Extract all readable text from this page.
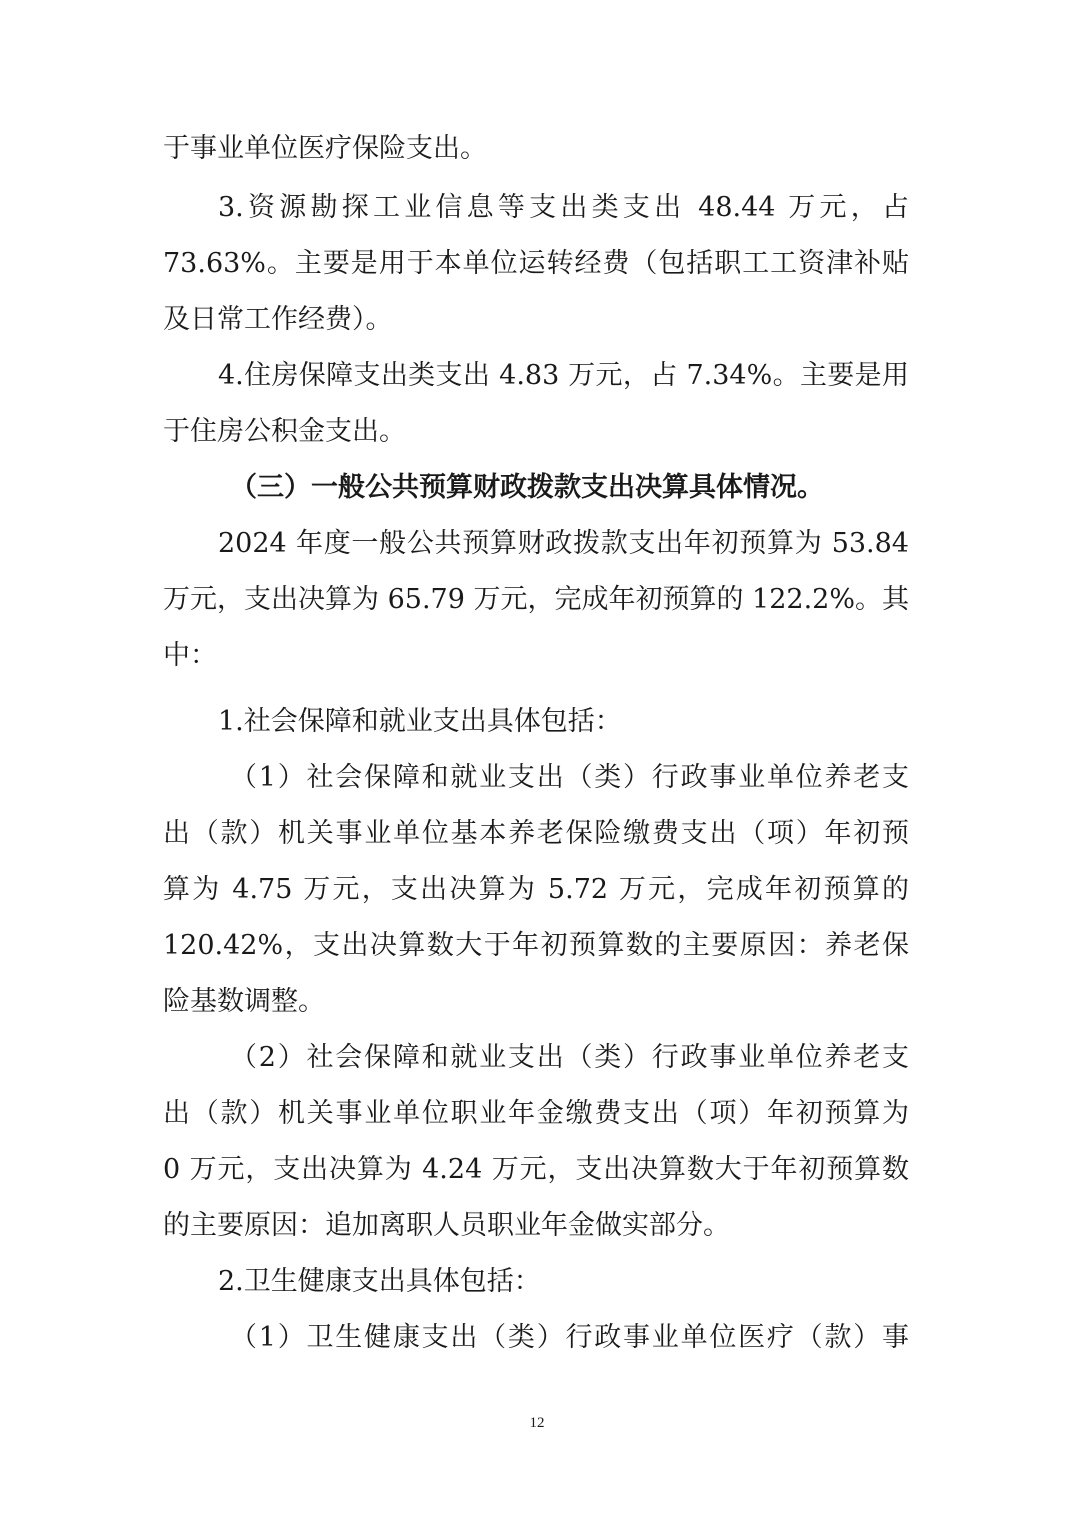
于事业单位医疗保险支出。
3.资源勘探工业信息等支出类支出 48.44 万元，占
73.63%。主要是用于本单位运转经费（包括职工工资津补贴
及日常工作经费）。
4.住房保障支出类支出 4.83 万元，占 7.34%。主要是用
于住房公积金支出。
（三）一般公共预算财政拨款支出决算具体情况。
2024 年度一般公共预算财政拨款支出年初预算为 53.84
万元，支出决算为 65.79 万元，完成年初预算的 122.2%。其
中：
1.社会保障和就业支出具体包括：
（1）社会保障和就业支出（类）行政事业单位养老支
出（款）机关事业单位基本养老保险缴费支出（项）年初预
算为 4.75 万元，支出决算为 5.72 万元，完成年初预算的
120.42%，支出决算数大于年初预算数的主要原因：养老保
险基数调整。
（2）社会保障和就业支出（类）行政事业单位养老支
出（款）机关事业单位职业年金缴费支出（项）年初预算为
0 万元，支出决算为 4.24 万元，支出决算数大于年初预算数
的主要原因：追加离职人员职业年金做实部分。
2.卫生健康支出具体包括：
（1）卫生健康支出（类）行政事业单位医疗（款）事
12
